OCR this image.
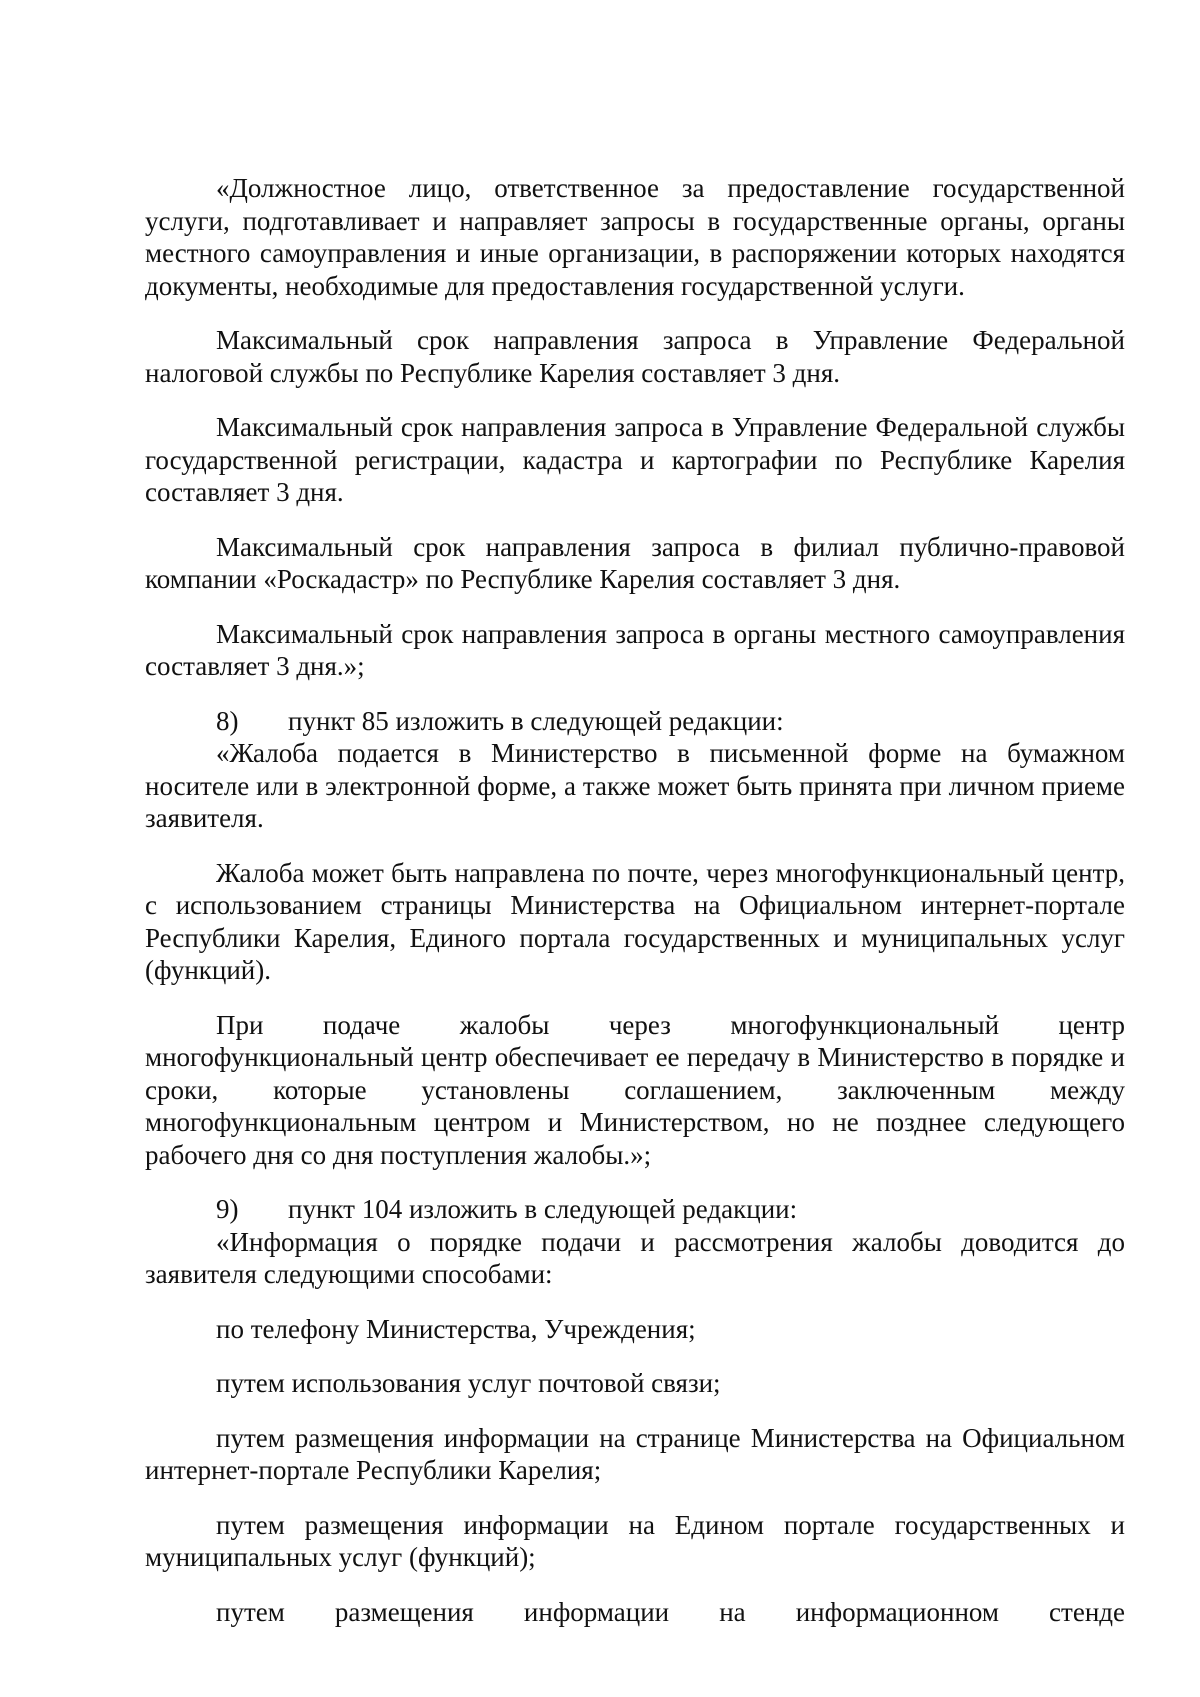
«Должностное лицо, ответственное за предоставление государственной услуги, подготавливает и направляет запросы в государственные органы, органы местного самоуправления и иные организации, в распоряжении которых находятся документы, необходимые для предоставления государственной услуги.

Максимальный срок направления запроса в Управление Федеральной налоговой службы по Республике Карелия составляет 3 дня.

Максимальный срок направления запроса в Управление Федеральной службы государственной регистрации, кадастра и картографии по Республике Карелия составляет 3 дня.

Максимальный срок направления запроса в филиал публично-правовой компании «Роскадастр» по Республике Карелия составляет 3 дня.

Максимальный срок направления запроса в органы местного самоуправления составляет 3 дня.»;

8) пункт 85 изложить в следующей редакции:

«Жалоба подается в Министерство в письменной форме на бумажном носителе или в электронной форме, а также может быть принята при личном приеме заявителя.

Жалоба может быть направлена по почте, через многофункциональный центр, с использованием страницы Министерства на Официальном интернет-портале Республики Карелия, Единого портала государственных и муниципальных услуг (функций).

При подаче жалобы через многофункциональный центр многофункциональный центр обеспечивает ее передачу в Министерство в порядке и сроки, которые установлены соглашением, заключенным между многофункциональным центром и Министерством, но не позднее следующего рабочего дня со дня поступления жалобы.»;

9) пункт 104 изложить в следующей редакции:

«Информация о порядке подачи и рассмотрения жалобы доводится до заявителя следующими способами:

по телефону Министерства, Учреждения;

путем использования услуг почтовой связи;

путем размещения информации на странице Министерства на Официальном интернет-портале Республики Карелия;

путем размещения информации на Едином портале государственных и муниципальных услуг (функций);

путем размещения информации на информационном стенде
